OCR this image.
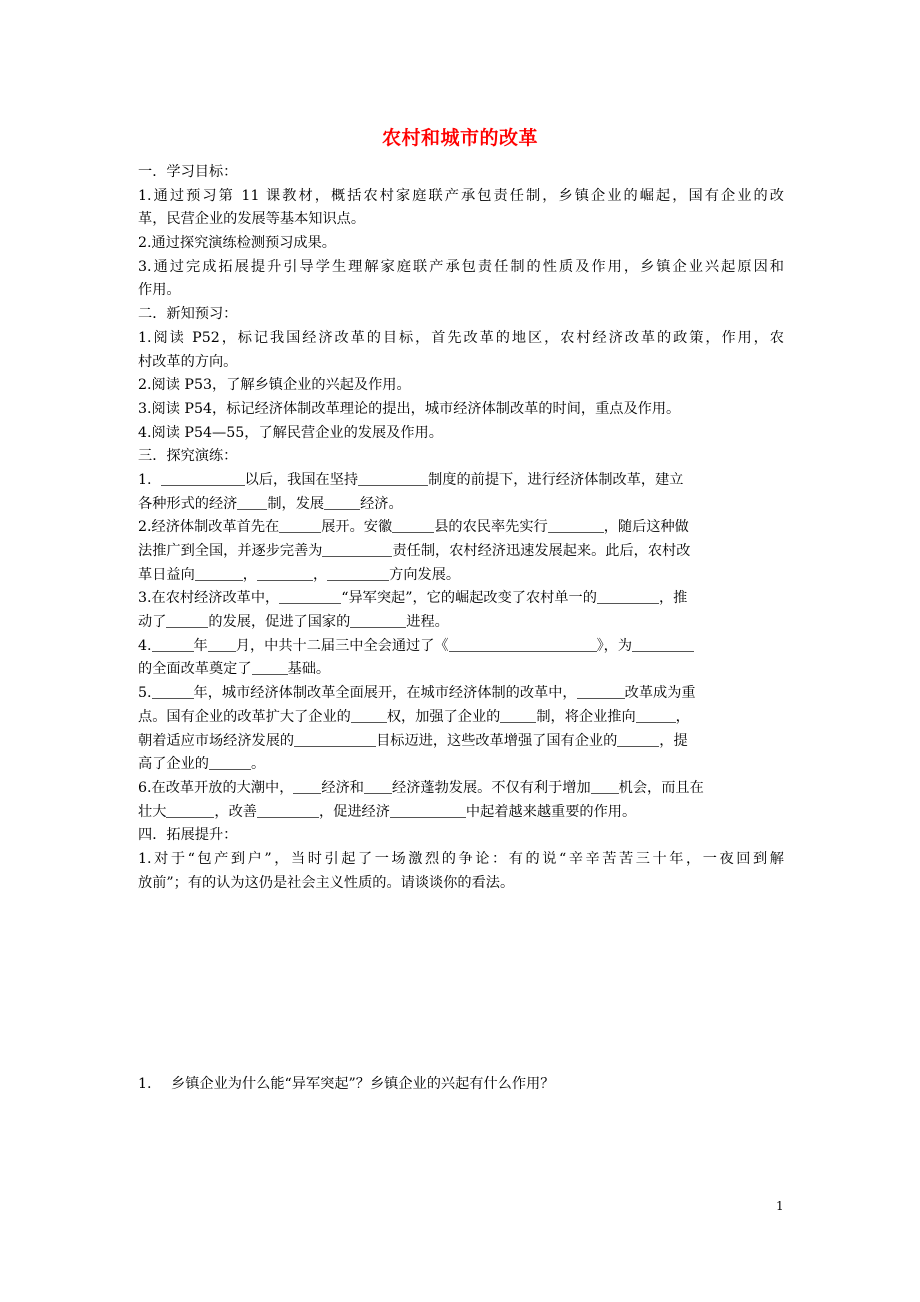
农村和城市的改革
一．学习目标：
1.通过预习第 11 课教材，概括农村家庭联产承包责任制，乡镇企业的崛起，国有企业的改
革，民营企业的发展等基本知识点。
2.通过探究演练检测预习成果。
3.通过完成拓展提升引导学生理解家庭联产承包责任制的性质及作用，乡镇企业兴起原因和
作用。
二．新知预习：
1.阅读 P52，标记我国经济改革的目标，首先改革的地区，农村经济改革的政策，作用，农
村改革的方向。
2.阅读 P53，了解乡镇企业的兴起及作用。
3.阅读 P54，标记经济体制改革理论的提出，城市经济体制改革的时间，重点及作用。
4.阅读 P54—55，了解民营企业的发展及作用。
三．探究演练：
1.	以后，我国在坚持	制度的前提下，进行经济体制改革，建立
各种形式的经济 制，发展	经济。
2.经济体制改革首先在	展开。安徽	县的农民率先实行	，随后这种做
法推广到全国，并逐步完善为	责任制，农村经济迅速发展起来。此后，农村改
革日益向	，	，	方向发展。
3.在农村经济改革中，	“异军突起”，它的崛起改变了农村单一的	，推
动了	的发展，促进了国家的	进程。
4.	年 月，中共十二届三中全会通过了《	》，为
的全面改革奠定了	基础。
5.	年，城市经济体制改革全面展开，在城市经济体制的改革中，	改革成为重
点。国有企业的改革扩大了企业的	权，加强了企业的	制，将企业推向	，
朝着适应市场经济发展的	目标迈进，这些改革增强了国有企业的	，提
高了企业的	。
6.在改革开放的大潮中， 经济和 经济蓬勃发展。不仅有利于增加 机会，而且在
壮大	，改善	，促进经济	中起着越来越重要的作用。
四．拓展提升：
1.对于“包产到户”，当时引起了一场激烈的争论：有的说“辛辛苦苦三十年，一夜回到解
放前”；有的认为这仍是社会主义性质的。请谈谈你的看法。
1. 乡镇企业为什么能“异军突起”？乡镇企业的兴起有什么作用？
1
